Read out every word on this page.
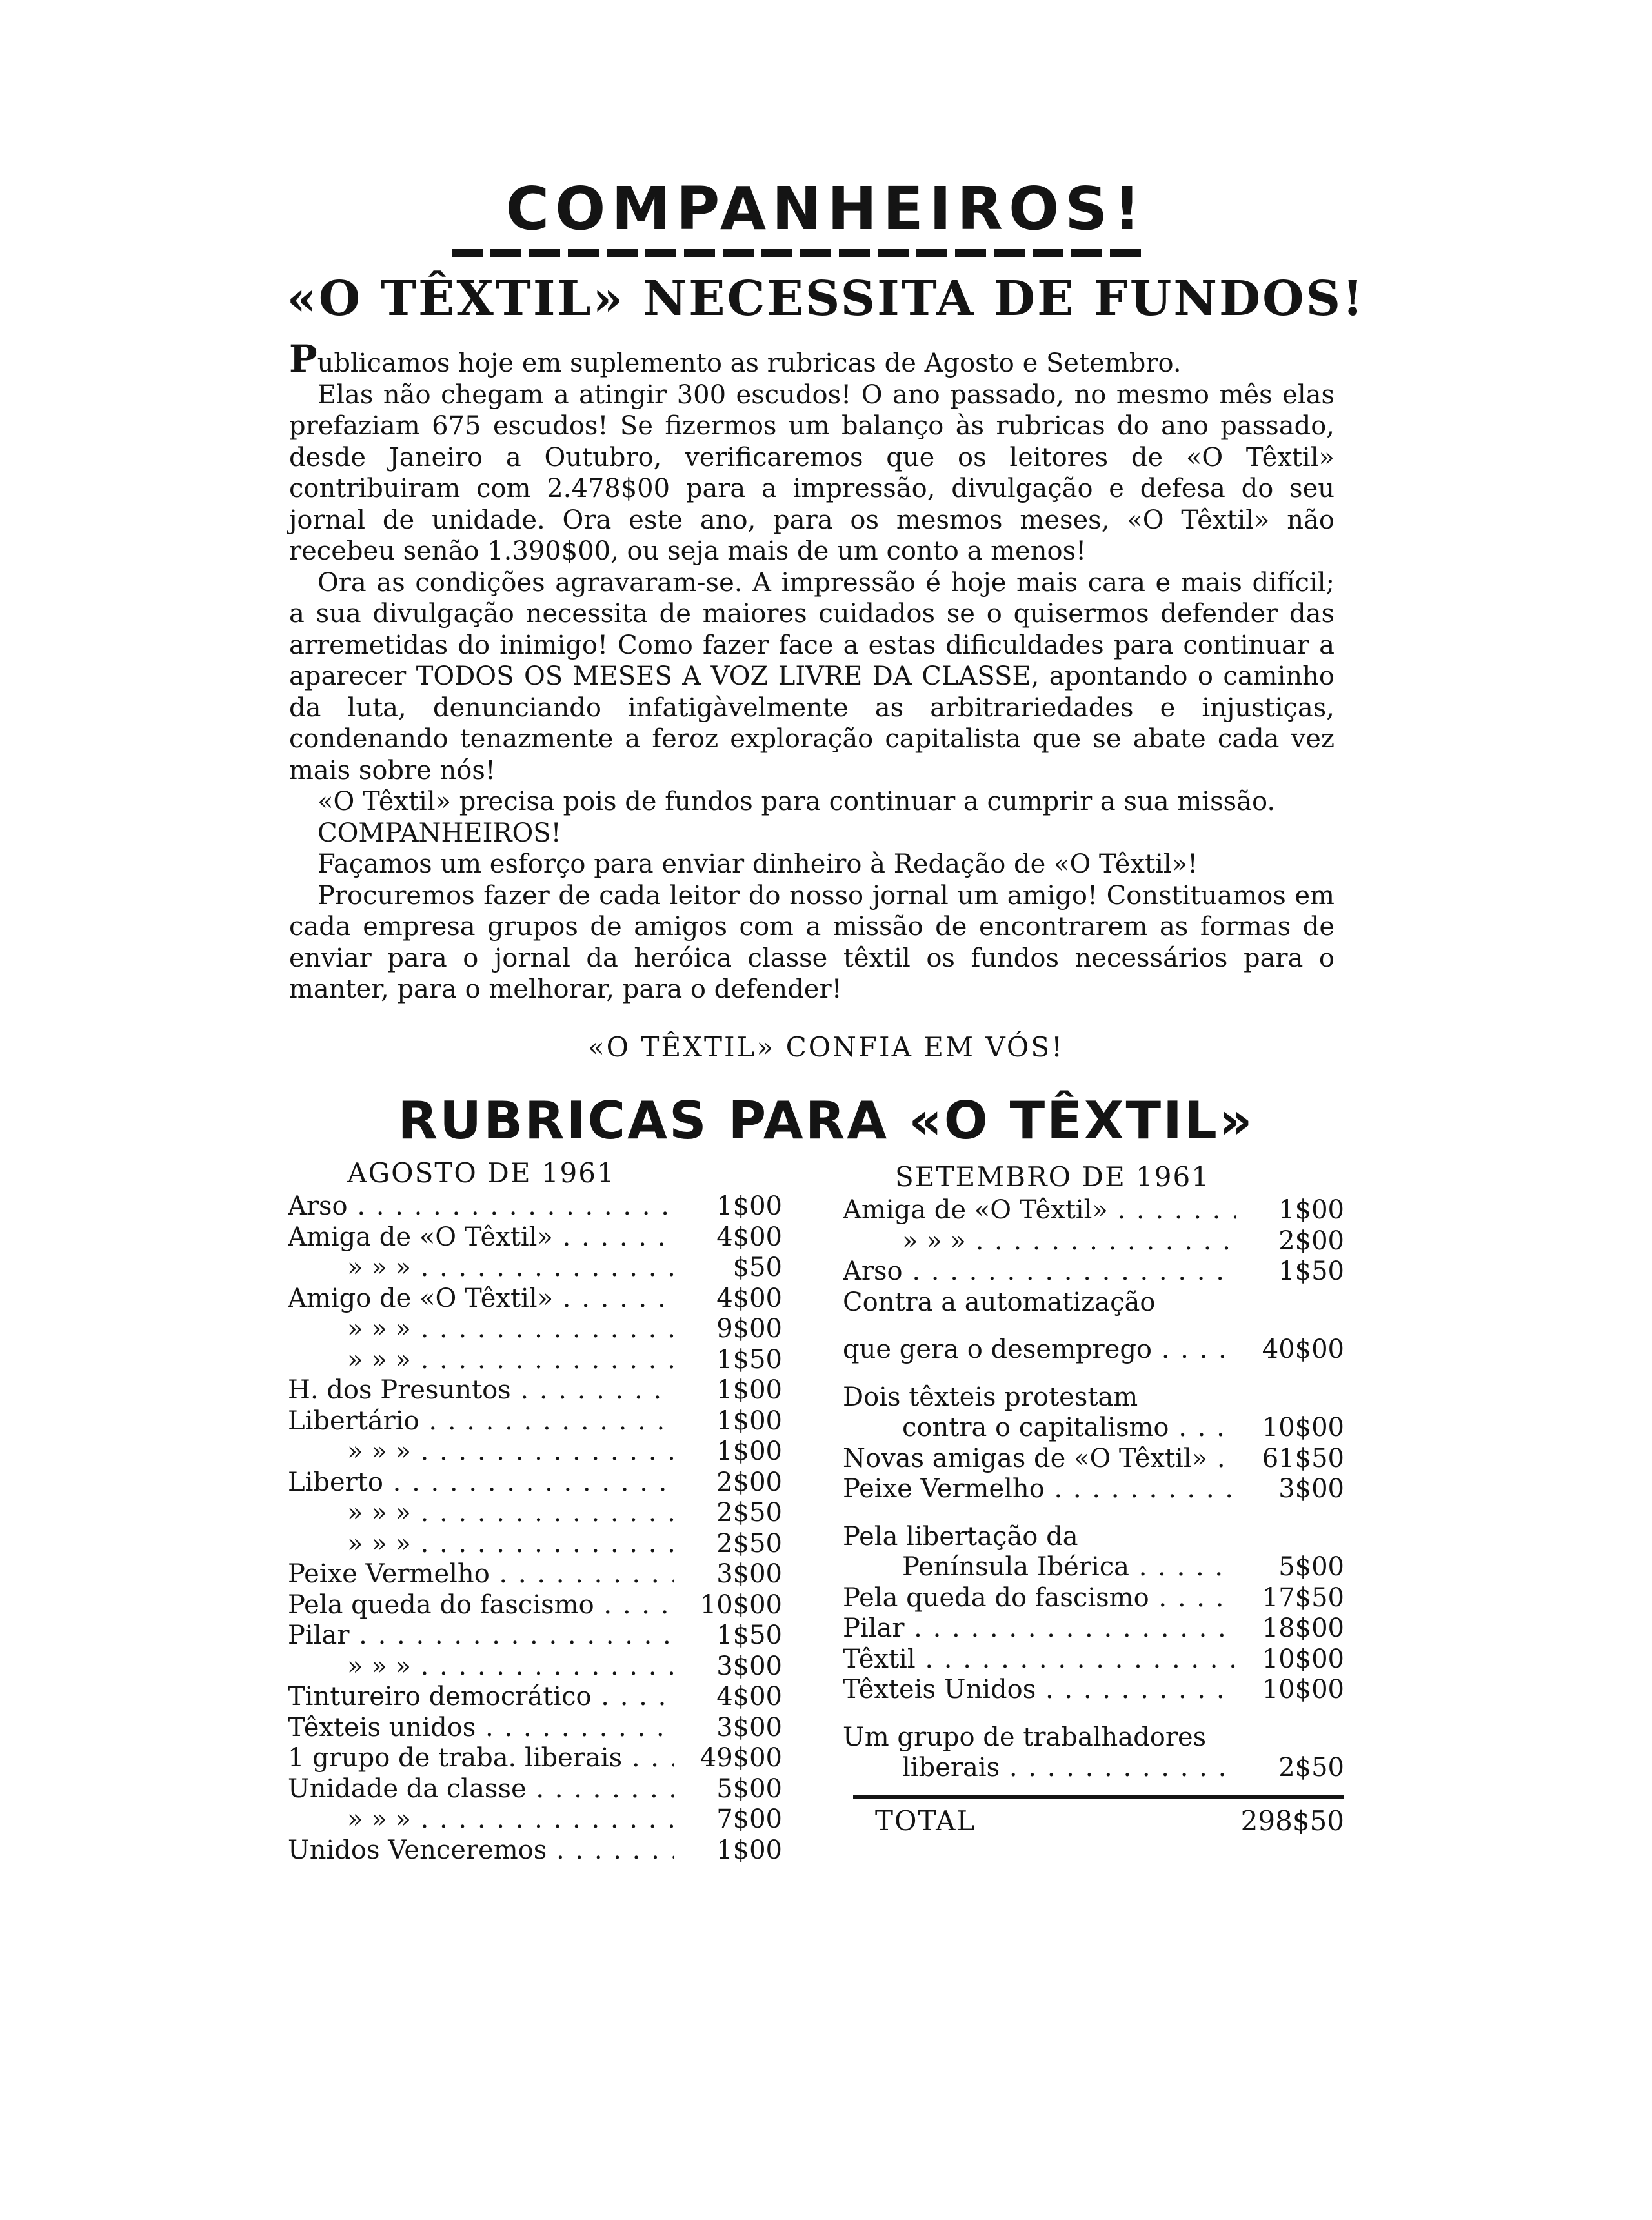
COMPANHEIROS!
«O TÊXTIL» NECESSITA DE FUNDOS!

Publicamos hoje em suplemento as rubricas de Agosto e Setembro.

Elas não chegam a atingir 300 escudos! O ano passado, no mesmo mês elas prefaziam 675 escudos! Se fizermos um balanço às rubricas do ano passado, desde Janeiro a Outubro, verificaremos que os leitores de «O Têxtil» contribuiram com 2.478$00 para a impressão, divulgação e defesa do seu jornal de unidade. Ora este ano, para os mesmos meses, «O Têxtil» não recebeu senão 1.390$00, ou seja mais de um conto a menos!

Ora as condições agravaram-se. A impressão é hoje mais cara e mais difícil; a sua divulgação necessita de maiores cuidados se o quisermos defender das arremetidas do inimigo! Como fazer face a estas dificuldades para continuar a aparecer TODOS OS MESES A VOZ LIVRE DA CLASSE, apontando o caminho da luta, denunciando infatigàvelmente as arbitrariedades e injustiças, condenando tenazmente a feroz exploração capitalista que se abate cada vez mais sobre nós!

«O Têxtil» precisa pois de fundos para continuar a cumprir a sua missão.

COMPANHEIROS!

Façamos um esforço para enviar dinheiro à Redação de «O Têxtil»!

Procuremos fazer de cada leitor do nosso jornal um amigo! Constituamos em cada empresa grupos de amigos com a missão de encontrarem as formas de enviar para o jornal da heróica classe têxtil os fundos necessários para o manter, para o melhorar, para o defender!

«O TÊXTIL» CONFIA EM VÓS!
RUBRICAS PARA «O TÊXTIL»
AGOSTO DE 1961
Arso . . .	1$00
Amiga de «O Têxtil» . . .	4$00
» » » . . .	$50
Amigo de «O Têxtil» . . .	4$00
» » » . . .	9$00
» » » . . .	1$50
H. dos Presuntos . . .	1$00
Libertário . . .	1$00
» » » . . .	1$00
Liberto . . .	2$00
» » » . . .	2$50
» » » . . .	2$50
Peixe Vermelho . . .	3$00
Pela queda do fascismo . . .	10$00
Pilar . . .	1$50
» » » . . .	3$00
Tintureiro democrático . . .	4$00
Têxteis unidos . . .	3$00
1 grupo de traba. liberais . . .	49$00
Unidade da classe . . .	5$00
» » » . . .	7$00
Unidos Venceremos . . .	1$00
SETEMBRO DE 1961
Amiga de «O Têxtil» . . .	1$00
» » » . . .	2$00
Arso . . .	1$50
Contra a automatização
que gera o desemprego . . .	40$00
Dois têxteis protestam
contra o capitalismo . . .	10$00
Novas amigas de «O Têxtil» . . .	61$50
Peixe Vermelho . . .	3$00
Pela libertação da
Península Ibérica . . .	5$00
Pela queda do fascismo . . .	17$50
Pilar . . .	18$00
Têxtil . . .	10$00
Têxteis Unidos . . .	10$00
Um grupo de trabalhadores
liberais . . .	2$50
TOTAL	298$50
